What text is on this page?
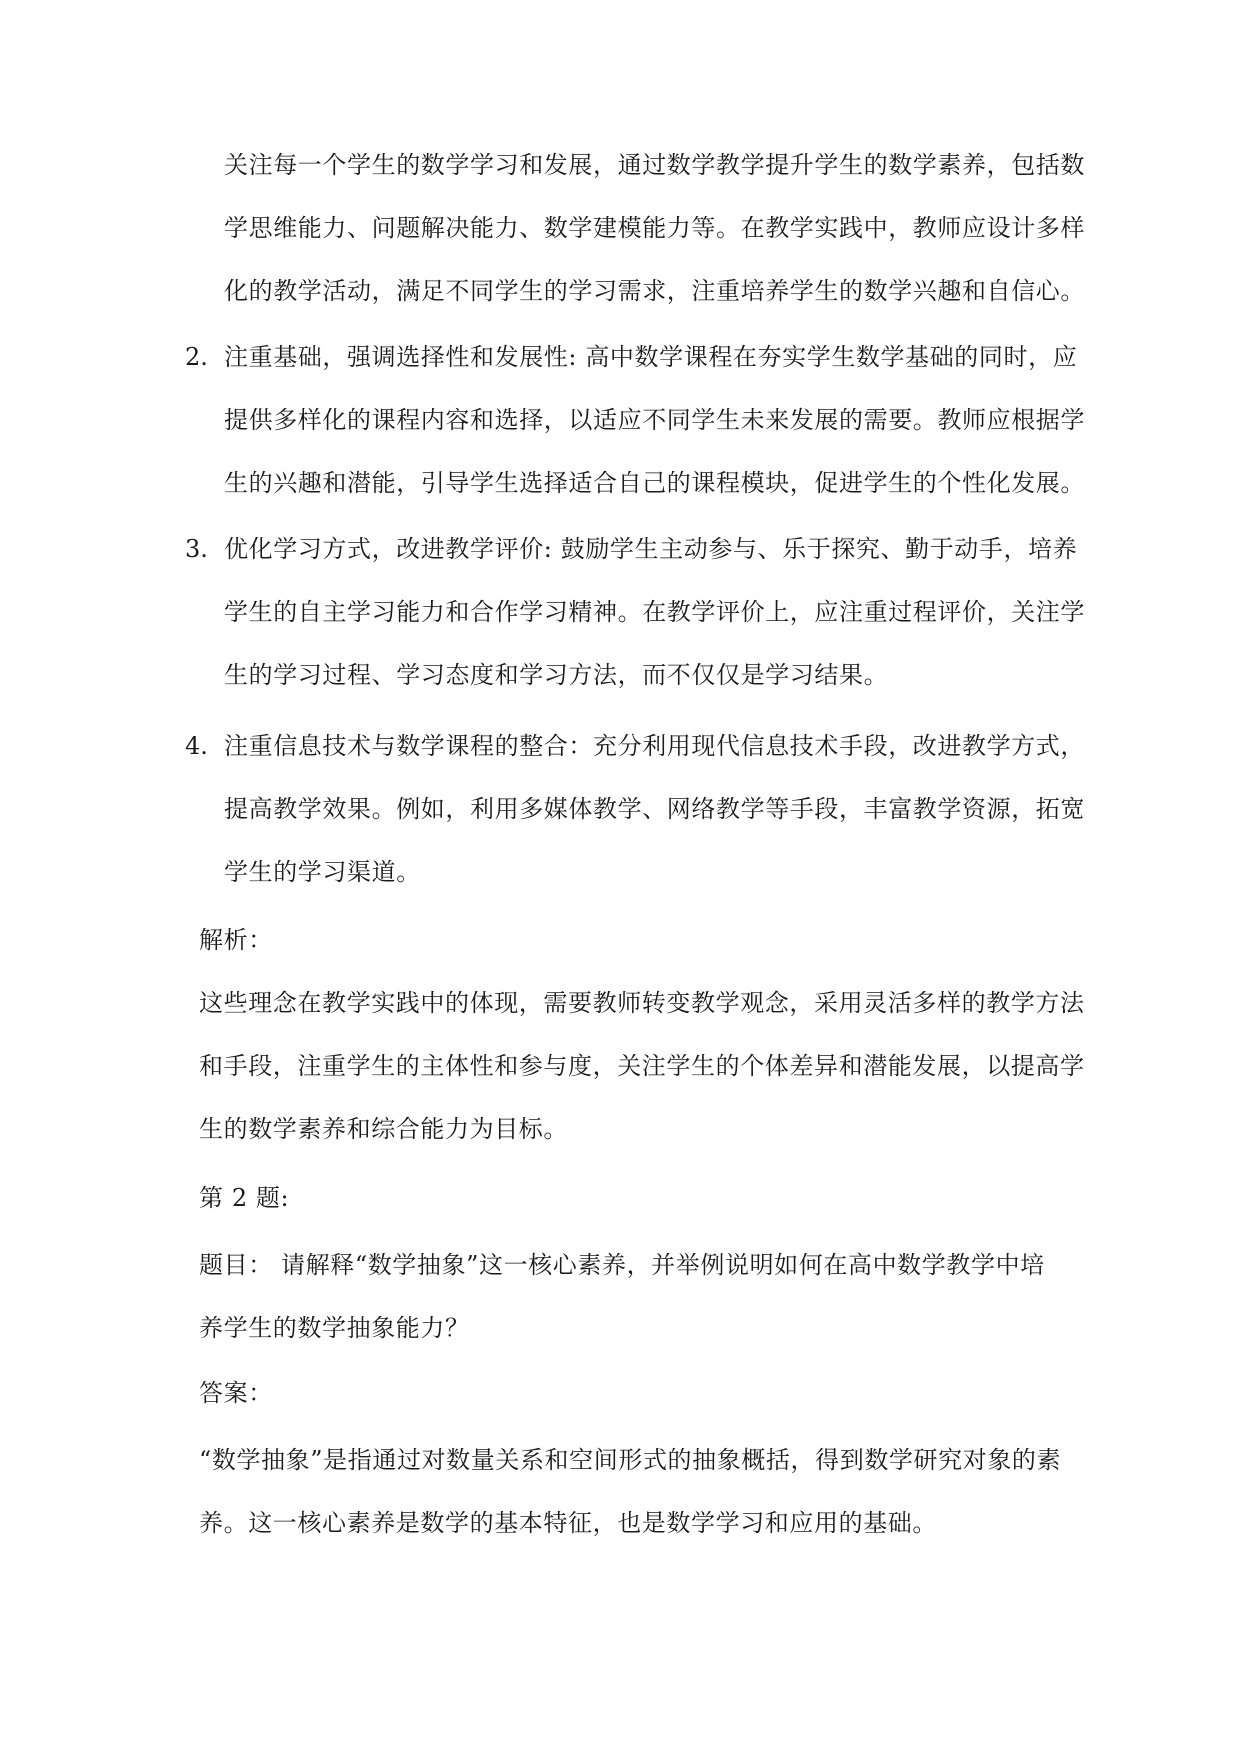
关注每一个学生的数学学习和发展，通过数学教学提升学生的数学素养，包括数
学思维能力、问题解决能力、数学建模能力等。在教学实践中，教师应设计多样
化的教学活动，满足不同学生的学习需求，注重培养学生的数学兴趣和自信心。
2. 注重基础，强调选择性和发展性: 高中数学课程在夯实学生数学基础的同时，应
提供多样化的课程内容和选择，以适应不同学生未来发展的需要。教师应根据学
生的兴趣和潜能，引导学生选择适合自己的课程模块，促进学生的个性化发展。
3. 优化学习方式，改进教学评价: 鼓励学生主动参与、乐于探究、勤于动手，培养
学生的自主学习能力和合作学习精神。在教学评价上，应注重过程评价，关注学
生的学习过程、学习态度和学习方法，而不仅仅是学习结果。
4. 注重信息技术与数学课程的整合：充分利用现代信息技术手段，改进教学方式，
提高教学效果。例如，利用多媒体教学、网络教学等手段，丰富教学资源，拓宽
学生的学习渠道。
解析：
这些理念在教学实践中的体现，需要教师转变教学观念，采用灵活多样的教学方法
和手段，注重学生的主体性和参与度，关注学生的个体差异和潜能发展，以提高学
生的数学素养和综合能力为目标。
第 2 题:
题目： 请解释“数学抽象”这一核心素养，并举例说明如何在高中数学教学中培
养学生的数学抽象能力？
答案：
“数学抽象”是指通过对数量关系和空间形式的抽象概括，得到数学研究对象的素
养。这一核心素养是数学的基本特征，也是数学学习和应用的基础。
